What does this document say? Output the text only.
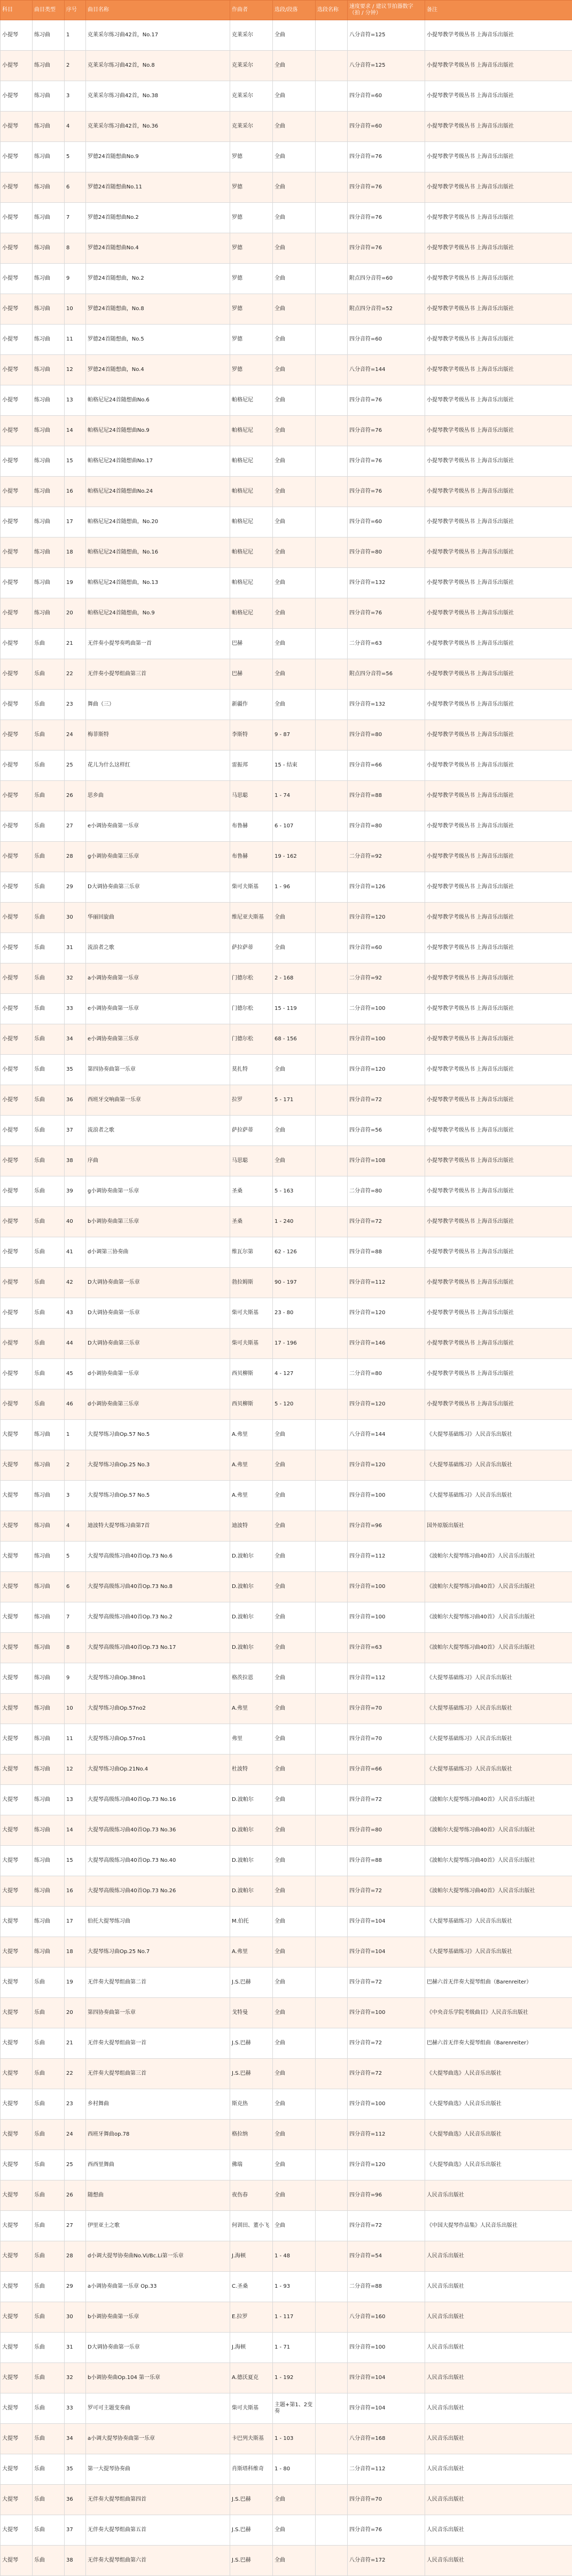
科目	曲目类型	序号	曲目名称	作曲者	选段/段落	选段名称	速度要求 / 建议节拍器数字（拍 / 分钟）	备注
小提琴	练习曲	1	克莱采尔练习曲42首，No.17	克莱采尔	全曲		八分音符=125	小提琴教学考级丛书 上海音乐出版社
小提琴	练习曲	2	克莱采尔练习曲42首，No.8	克莱采尔	全曲		八分音符=125	小提琴教学考级丛书 上海音乐出版社
小提琴	练习曲	3	克莱采尔练习曲42首，No.38	克莱采尔	全曲		四分音符=60	小提琴教学考级丛书 上海音乐出版社
小提琴	练习曲	4	克莱采尔练习曲42首，No.36	克莱采尔	全曲		四分音符=60	小提琴教学考级丛书 上海音乐出版社
小提琴	练习曲	5	罗德24首随想曲No.9	罗德	全曲		四分音符=76	小提琴教学考级丛书 上海音乐出版社
小提琴	练习曲	6	罗德24首随想曲No.11	罗德	全曲		四分音符=76	小提琴教学考级丛书 上海音乐出版社
小提琴	练习曲	7	罗德24首随想曲No.2	罗德	全曲		四分音符=76	小提琴教学考级丛书 上海音乐出版社
小提琴	练习曲	8	罗德24首随想曲No.4	罗德	全曲		四分音符=76	小提琴教学考级丛书 上海音乐出版社
小提琴	练习曲	9	罗德24首随想曲，No.2	罗德	全曲		附点四分音符=60	小提琴教学考级丛书 上海音乐出版社
小提琴	练习曲	10	罗德24首随想曲，No.8	罗德	全曲		附点四分音符=52	小提琴教学考级丛书 上海音乐出版社
小提琴	练习曲	11	罗德24首随想曲，No.5	罗德	全曲		四分音符=60	小提琴教学考级丛书 上海音乐出版社
小提琴	练习曲	12	罗德24首随想曲，No.4	罗德	全曲		八分音符=144	小提琴教学考级丛书 上海音乐出版社
小提琴	练习曲	13	帕格尼尼24首随想曲No.6	帕格尼尼	全曲		四分音符=76	小提琴教学考级丛书 上海音乐出版社
小提琴	练习曲	14	帕格尼尼24首随想曲No.9	帕格尼尼	全曲		四分音符=76	小提琴教学考级丛书 上海音乐出版社
小提琴	练习曲	15	帕格尼尼24首随想曲No.17	帕格尼尼	全曲		四分音符=76	小提琴教学考级丛书 上海音乐出版社
小提琴	练习曲	16	帕格尼尼24首随想曲No.24	帕格尼尼	全曲		四分音符=76	小提琴教学考级丛书 上海音乐出版社
小提琴	练习曲	17	帕格尼尼24首随想曲，No.20	帕格尼尼	全曲		四分音符=60	小提琴教学考级丛书 上海音乐出版社
小提琴	练习曲	18	帕格尼尼24首随想曲，No.16	帕格尼尼	全曲		四分音符=80	小提琴教学考级丛书 上海音乐出版社
小提琴	练习曲	19	帕格尼尼24首随想曲，No.13	帕格尼尼	全曲		四分音符=132	小提琴教学考级丛书 上海音乐出版社
小提琴	练习曲	20	帕格尼尼24首随想曲，No.9	帕格尼尼	全曲		四分音符=76	小提琴教学考级丛书 上海音乐出版社
小提琴	乐曲	21	无伴奏小提琴奏鸣曲第一首	巴赫	全曲		二分音符=63	小提琴教学考级丛书 上海音乐出版社
小提琴	乐曲	22	无伴奏小提琴组曲第三首	巴赫	全曲		附点四分音符=56	小提琴教学考级丛书 上海音乐出版社
小提琴	乐曲	23	舞曲（三）	新疆作	全曲		四分音符=132	小提琴教学考级丛书 上海音乐出版社
小提琴	乐曲	24	梅菲斯特	李斯特	9 - 87		四分音符=80	小提琴教学考级丛书 上海音乐出版社
小提琴	乐曲	25	花儿为什么这样红	雷振邦	15 - 结束		四分音符=66	小提琴教学考级丛书 上海音乐出版社
小提琴	乐曲	26	思乡曲	马思聪	1 - 74		四分音符=88	小提琴教学考级丛书 上海音乐出版社
小提琴	乐曲	27	e小调协奏曲第一乐章	布鲁赫	6 - 107		四分音符=80	小提琴教学考级丛书 上海音乐出版社
小提琴	乐曲	28	g小调协奏曲第三乐章	布鲁赫	19 - 162		二分音符=92	小提琴教学考级丛书 上海音乐出版社
小提琴	乐曲	29	D大调协奏曲第三乐章	柴可夫斯基	1 - 96		四分音符=126	小提琴教学考级丛书 上海音乐出版社
小提琴	乐曲	30	华丽回旋曲	维尼亚夫斯基	全曲		四分音符=120	小提琴教学考级丛书 上海音乐出版社
小提琴	乐曲	31	流浪者之歌	萨拉萨蒂	全曲		四分音符=60	小提琴教学考级丛书 上海音乐出版社
小提琴	乐曲	32	a小调协奏曲第一乐章	门德尔松	2 - 168		二分音符=92	小提琴教学考级丛书 上海音乐出版社
小提琴	乐曲	33	e小调协奏曲第一乐章	门德尔松	15 - 119		二分音符=100	小提琴教学考级丛书 上海音乐出版社
小提琴	乐曲	34	e小调协奏曲第三乐章	门德尔松	68 - 156		四分音符=100	小提琴教学考级丛书 上海音乐出版社
小提琴	乐曲	35	第四协奏曲第一乐章	莫扎特	全曲		四分音符=120	小提琴教学考级丛书 上海音乐出版社
小提琴	乐曲	36	西班牙交响曲第一乐章	拉罗	5 - 171		四分音符=72	小提琴教学考级丛书 上海音乐出版社
小提琴	乐曲	37	流浪者之歌	萨拉萨蒂	全曲		四分音符=56	小提琴教学考级丛书 上海音乐出版社
小提琴	乐曲	38	序曲	马思聪	全曲		四分音符=108	小提琴教学考级丛书 上海音乐出版社
小提琴	乐曲	39	g小调协奏曲第一乐章	圣桑	5 - 163		二分音符=80	小提琴教学考级丛书 上海音乐出版社
小提琴	乐曲	40	b小调协奏曲第三乐章	圣桑	1 - 240		四分音符=72	小提琴教学考级丛书 上海音乐出版社
小提琴	乐曲	41	d小调第三协奏曲	维瓦尔第	62 - 126		四分音符=88	小提琴教学考级丛书 上海音乐出版社
小提琴	乐曲	42	D大调协奏曲第一乐章	勃拉姆斯	90 - 197		四分音符=112	小提琴教学考级丛书 上海音乐出版社
小提琴	乐曲	43	D大调协奏曲第一乐章	柴可夫斯基	23 - 80		四分音符=120	小提琴教学考级丛书 上海音乐出版社
小提琴	乐曲	44	D大调协奏曲第三乐章	柴可夫斯基	17 - 196		四分音符=146	小提琴教学考级丛书 上海音乐出版社
小提琴	乐曲	45	d小调协奏曲第一乐章	西贝柳斯	4 - 127		二分音符=80	小提琴教学考级丛书 上海音乐出版社
小提琴	乐曲	46	d小调协奏曲第三乐章	西贝柳斯	5 - 120		四分音符=120	小提琴教学考级丛书 上海音乐出版社
大提琴	练习曲	1	大提琴练习曲Op.57 No.5	A.弗里	全曲		八分音符=144	《大提琴基础练习》人民音乐出版社
大提琴	练习曲	2	大提琴练习曲Op.25 No.3	A.弗里	全曲		四分音符=120	《大提琴基础练习》人民音乐出版社
大提琴	练习曲	3	大提琴练习曲Op.57 No.5	A.弗里	全曲		四分音符=100	《大提琴基础练习》人民音乐出版社
大提琴	练习曲	4	迪波特大提琴练习曲第7首	迪波特	全曲		四分音符=96	国外原版出版社
大提琴	练习曲	5	大提琴高级练习曲40首Op.73 No.6	D.波帕尔	全曲		四分音符=112	《波帕尔大提琴练习曲40首》人民音乐出版社
大提琴	练习曲	6	大提琴高级练习曲40首Op.73 No.8	D.波帕尔	全曲		四分音符=100	《波帕尔大提琴练习曲40首》人民音乐出版社
大提琴	练习曲	7	大提琴高级练习曲40首Op.73 No.2	D.波帕尔	全曲		四分音符=100	《波帕尔大提琴练习曲40首》人民音乐出版社
大提琴	练习曲	8	大提琴高级练习曲40首Op.73 No.17	D.波帕尔	全曲		四分音符=63	《波帕尔大提琴练习曲40首》人民音乐出版社
大提琴	练习曲	9	大提琴练习曲Op.38no1	格茨拉恩	全曲		四分音符=112	《大提琴基础练习》人民音乐出版社
大提琴	练习曲	10	大提琴练习曲Op.57no2	A.弗里	全曲		四分音符=70	《大提琴基础练习》人民音乐出版社
大提琴	练习曲	11	大提琴练习曲Op.57no1	弗里	全曲		四分音符=70	《大提琴基础练习》人民音乐出版社
大提琴	练习曲	12	大提琴练习曲Op.21No.4	杜波特	全曲		四分音符=66	《大提琴基础练习》人民音乐出版社
大提琴	练习曲	13	大提琴高级练习曲40首Op.73 No.16	D.波帕尔	全曲		四分音符=72	《波帕尔大提琴练习曲40首》人民音乐出版社
大提琴	练习曲	14	大提琴高级练习曲40首Op.73 No.36	D.波帕尔	全曲		四分音符=80	《波帕尔大提琴练习曲40首》人民音乐出版社
大提琴	练习曲	15	大提琴高级练习曲40首Op.73 No.40	D.波帕尔	全曲		四分音符=88	《波帕尔大提琴练习曲40首》人民音乐出版社
大提琴	练习曲	16	大提琴高级练习曲40首Op.73 No.26	D.波帕尔	全曲		四分音符=72	《波帕尔大提琴练习曲40首》人民音乐出版社
大提琴	练习曲	17	伯托大提琴练习曲	M.伯托	全曲		四分音符=104	《大提琴基础练习》人民音乐出版社
大提琴	练习曲	18	大提琴练习曲Op.25 No.7	A.弗里	全曲		四分音符=104	《大提琴基础练习》人民音乐出版社
大提琴	乐曲	19	无伴奏大提琴组曲第二首	J.S.巴赫	全曲		四分音符=72	巴赫六首无伴奏大提琴组曲（Barenreiter）
大提琴	乐曲	20	第四协奏曲第一乐章	戈特曼	全曲		四分音符=100	《中央音乐学院考级曲目》人民音乐出版社
大提琴	乐曲	21	无伴奏大提琴组曲第一首	J.S.巴赫	全曲		四分音符=72	巴赫六首无伴奏大提琴组曲（Barenreiter）
大提琴	乐曲	22	无伴奏大提琴组曲第三首	J.S.巴赫	全曲		四分音符=72	《大提琴曲选》人民音乐出版社
大提琴	乐曲	23	乡村舞曲	斯克热	全曲		四分音符=100	《大提琴曲选》人民音乐出版社
大提琴	乐曲	24	西班牙舞曲op.78	格拉纳	全曲		四分音符=112	《大提琴曲选》人民音乐出版社
大提琴	乐曲	25	西西里舞曲	佛瑞	全曲		四分音符=120	《大提琴曲选》人民音乐出版社
大提琴	乐曲	26	随想曲	夜伤春	全曲		四分音符=96	人民音乐出版社
大提琴	乐曲	27	伊里亚土之歌	何训田、董小飞	全曲		四分音符=72	《中国大提琴作品集》人民音乐出版社
大提琴	乐曲	28	d小调大提琴协奏曲No.Vi/Bc.Li第一乐章	J.海顿	1 - 48		四分音符=54	人民音乐出版社
大提琴	乐曲	29	a小调协奏曲第一乐章 Op.33	C.圣桑	1 - 93		二分音符=88	人民音乐出版社
大提琴	乐曲	30	b小调协奏曲第一乐章	E.拉罗	1 - 117		八分音符=160	人民音乐出版社
大提琴	乐曲	31	D大调协奏曲第一乐章	J.海顿	1 - 71		四分音符=100	人民音乐出版社
大提琴	乐曲	32	b小调协奏曲Op.104 第一乐章	A.德沃夏克	1 - 192		四分音符=104	人民音乐出版社
大提琴	乐曲	33	罗可可主题变奏曲	柴可夫斯基	主题+第1、2变奏		四分音符=104	人民音乐出版社
大提琴	乐曲	34	a小调大提琴协奏曲第一乐章	卡巴列夫斯基	1 - 103		八分音符=168	人民音乐出版社
大提琴	乐曲	35	第一大提琴协奏曲	肖斯塔科维奇	1 - 80		二分音符=112	人民音乐出版社
大提琴	乐曲	36	无伴奏大提琴组曲第四首	J.S.巴赫	全曲		四分音符=70	人民音乐出版社
大提琴	乐曲	37	无伴奏大提琴组曲第五首	J.S.巴赫	全曲		四分音符=76	人民音乐出版社
大提琴	乐曲	38	无伴奏大提琴组曲第六首	J.S.巴赫	全曲		八分音符=172	人民音乐出版社
